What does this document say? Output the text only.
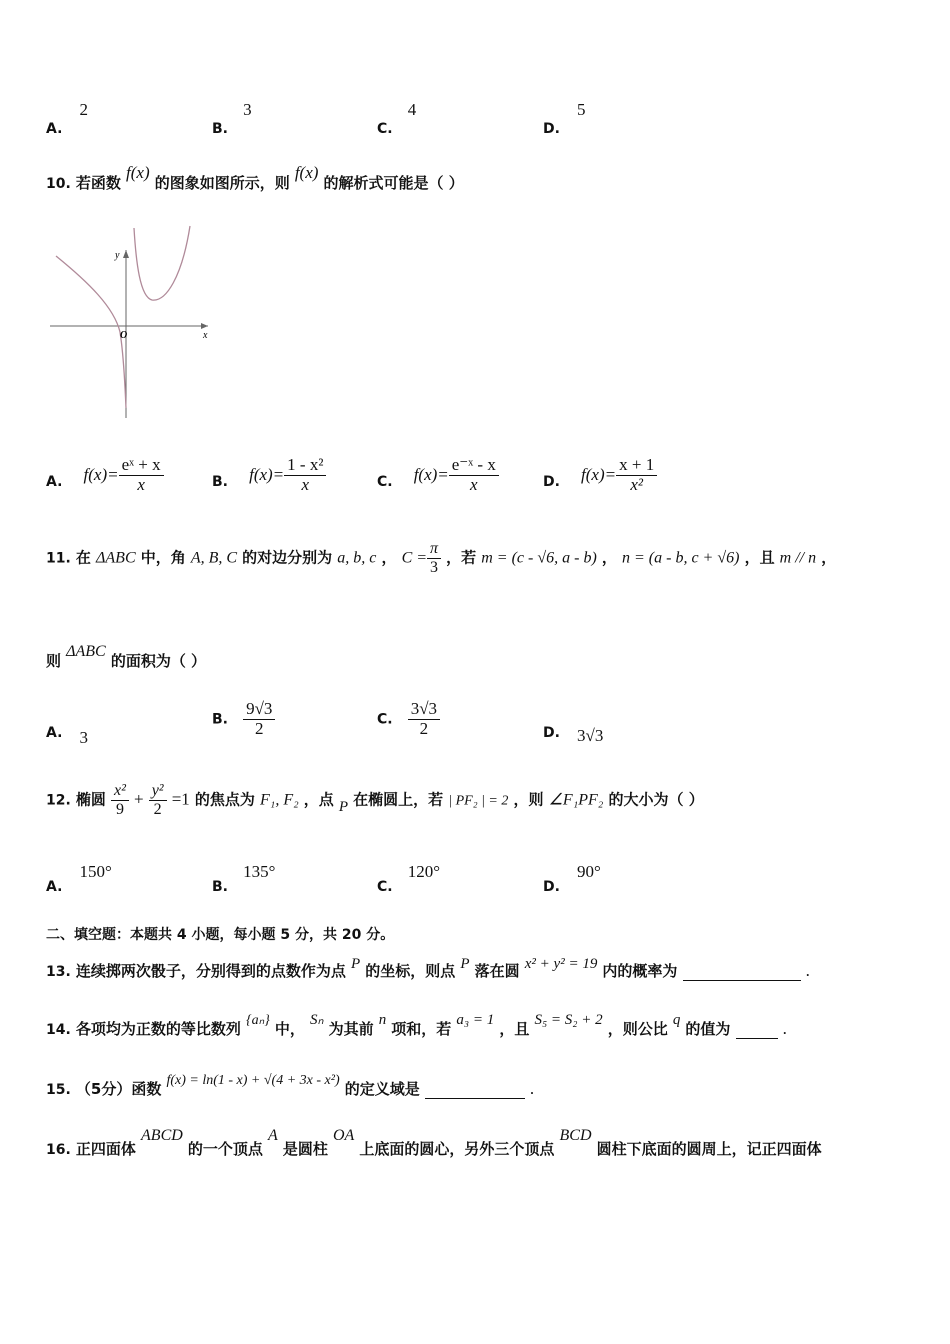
A. 2
B. 3
C. 4
D. 5
10. 若函数 f(x) 的图象如图所示，则 f(x) 的解析式可能是（ ）
y
x
O
A. $f(x)= \frac{\text{eˣ + x}}{x}$	B. $f(x)= \frac{\text{1 - x²}}{x}$	C. $f(x)= \frac{\text{e⁻ˣ - x}}{x}$	D. $f(x)= \frac{x + 1}{\text{x²}}$
11. 在 ΔABC 中，角 A, B, C 的对边分别为 a, b, c ， $C = \frac{\pi}{3}$ ，若 m = (c - √6, a - b) ， n = (a - b, c + √6) ，且 m // n ，
则 ΔABC 的面积为（ ）
A. 3
B. $\frac{9√3}{2}$	C. $\frac{3√3}{2}$	D. 3√3
12. 椭圆 $\frac{\text{x²}}{9} + \frac{\text{y²}}{2} =1$ 的焦点为 F₁, F₂ ，点 P 在椭圆上，若 | PF₂ | = 2 ，则 ∠F₁PF₂ 的大小为（ ）
A. 150°
B. 135°
C. 120°
D. 90°
二、填空题：本题共 4 小题，每小题 5 分，共 20 分。
13. 连续掷两次骰子，分别得到的点数作为点 P 的坐标，则点 P 落在圆 x² + y² = 19 内的概率为	.
14. 各项均为正数的等比数列 {aₙ} 中， Sₙ 为其前 n 项和，若 a₃ = 1 ，且 S₅ = S₂ + 2 ，则公比 q 的值为	.
15. （5分）函数 f(x) = ln(1 - x) + √(4 + 3x - x²) 的定义域是	.
16. 正四面体 ABCD 的一个顶点 A 是圆柱 OA 上底面的圆心，另外三个顶点 BCD 圆柱下底面的圆周上，记正四面体
